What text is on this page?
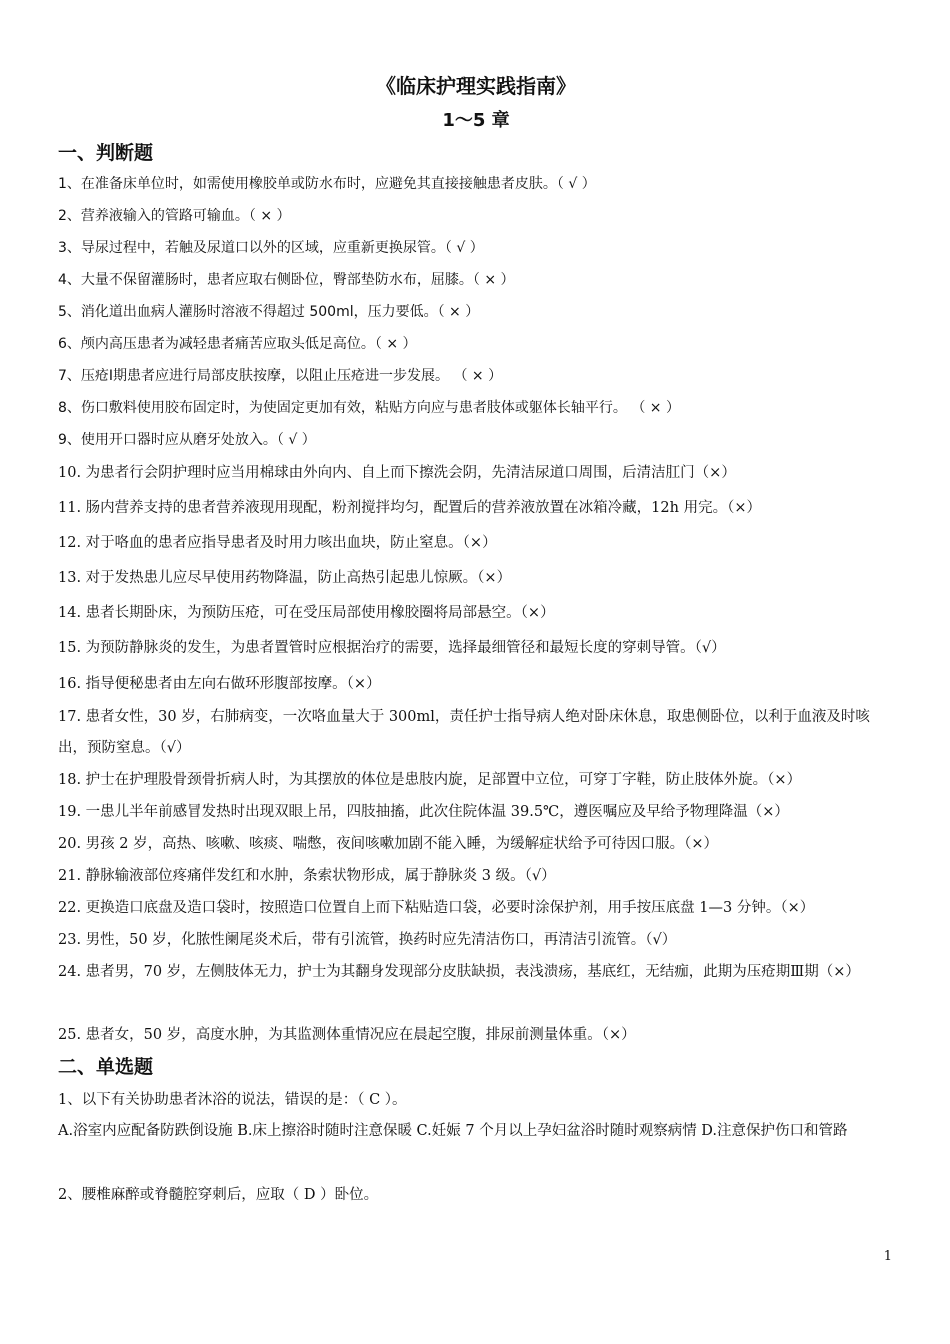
《临床护理实践指南》
1～5 章
一、判断题
1、在准备床单位时，如需使用橡胶单或防水布时，应避免其直接接触患者皮肤。（ √ ）
2、营养液输入的管路可输血。（ × ）
3、导尿过程中，若触及尿道口以外的区域，应重新更换尿管。（ √ ）
4、大量不保留灌肠时，患者应取右侧卧位，臀部垫防水布，屈膝。（ × ）
5、消化道出血病人灌肠时溶液不得超过 500ml，压力要低。（ × ）
6、颅内高压患者为减轻患者痛苦应取头低足高位。（ × ）
7、压疮Ⅰ期患者应进行局部皮肤按摩，以阻止压疮进一步发展。 （ × ）
8、伤口敷料使用胶布固定时，为使固定更加有效，粘贴方向应与患者肢体或躯体长轴平行。 （ × ）
9、使用开口器时应从磨牙处放入。（ √ ）
10. 为患者行会阴护理时应当用棉球由外向内、自上而下擦洗会阴，先清洁尿道口周围，后清洁肛门（×）
11. 肠内营养支持的患者营养液现用现配，粉剂搅拌均匀，配置后的营养液放置在冰箱冷藏，12h 用完。（×）
12. 对于咯血的患者应指导患者及时用力咳出血块，防止窒息。（×）
13. 对于发热患儿应尽早使用药物降温，防止高热引起患儿惊厥。（×）
14. 患者长期卧床，为预防压疮，可在受压局部使用橡胶圈将局部悬空。（×）
15. 为预防静脉炎的发生，为患者置管时应根据治疗的需要，选择最细管径和最短长度的穿刺导管。（√）
16. 指导便秘患者由左向右做环形腹部按摩。（×）
17. 患者女性，30 岁，右肺病变，一次咯血量大于 300ml，责任护士指导病人绝对卧床休息，取患侧卧位，以利于血液及时咳出，预防窒息。（√）
18. 护士在护理股骨颈骨折病人时，为其摆放的体位是患肢内旋，足部置中立位，可穿丁字鞋，防止肢体外旋。（×）
19. 一患儿半年前感冒发热时出现双眼上吊，四肢抽搐，此次住院体温 39.5℃，遵医嘱应及早给予物理降温（×）
20. 男孩 2 岁，高热、咳嗽、咳痰、喘憋，夜间咳嗽加剧不能入睡，为缓解症状给予可待因口服。（×）
21. 静脉输液部位疼痛伴发红和水肿，条索状物形成，属于静脉炎 3 级。（√）
22. 更换造口底盘及造口袋时，按照造口位置自上而下粘贴造口袋，必要时涂保护剂，用手按压底盘 1—3 分钟。（×）
23. 男性，50 岁，化脓性阑尾炎术后，带有引流管，换药时应先清洁伤口，再清洁引流管。（√）
24. 患者男，70 岁，左侧肢体无力，护士为其翻身发现部分皮肤缺损，表浅溃疡，基底红，无结痂，此期为压疮期Ⅲ期（×）
25. 患者女，50 岁，高度水肿，为其监测体重情况应在晨起空腹，排尿前测量体重。（×）
二、单选题
1、以下有关协助患者沐浴的说法，错误的是：（ C ）。
A.浴室内应配备防跌倒设施 B.床上擦浴时随时注意保暖 C.妊娠 7 个月以上孕妇盆浴时随时观察病情 D.注意保护伤口和管路
2、腰椎麻醉或脊髓腔穿刺后，应取（ D ）卧位。
1
